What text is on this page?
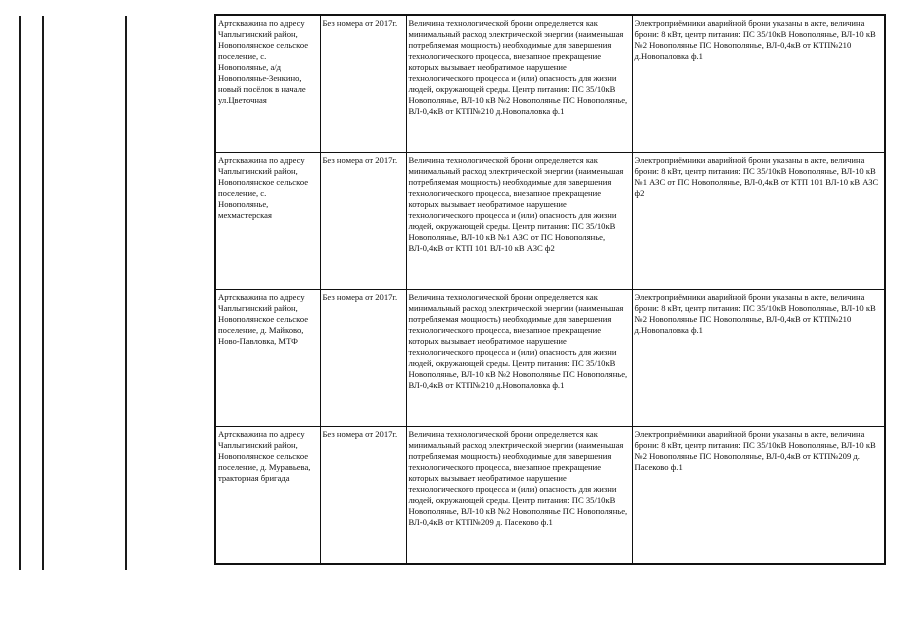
Артскважина по адресу Чаплыгинский район, Новополянское сельское поселение, с. Новополянье, а/д Новополянье-Зенкино, новый посёлок в начале ул.Цветочная	Без номера от 2017г.	Величина технологической брони определяется как минимальный расход электрической энергии (наименьшая потребляемая мощность) необходимые для завершения технологического процесса, внезапное прекращение которых вызывает необратимое нарушение технологического процесса и (или) опасность для жизни людей, окружающей среды. Центр питания: ПС 35/10кВ Новополянье, ВЛ-10 кВ №2 Новополянье ПС Новополянье, ВЛ-0,4кВ от КТП№210 д.Новопаловка ф.1	Электроприёмники аварийной брони указаны в акте, величина брони: 8 кВт, центр питания: ПС 35/10кВ Новополянье, ВЛ-10 кВ №2 Новополянье ПС Новополянье, ВЛ-0,4кВ от КТП№210 д.Новопаловка ф.1
Артскважина по адресу Чаплыгинский район, Новополянское сельское поселение, с. Новополянье, мехмастерская	Без номера от 2017г.	Величина технологической брони определяется как минимальный расход электрической энергии (наименьшая потребляемая мощность) необходимые для завершения технологического процесса, внезапное прекращение которых вызывает необратимое нарушение технологического процесса и (или) опасность для жизни людей, окружающей среды. Центр питания: ПС 35/10кВ Новополянье, ВЛ-10 кВ №1 АЗС от ПС Новополянье, ВЛ-0,4кВ от КТП 101 ВЛ-10 кВ АЗС ф2	Электроприёмники аварийной брони указаны в акте, величина брони: 8 кВт, центр питания: ПС 35/10кВ Новополянье, ВЛ-10 кВ №1 АЗС от ПС Новополянье, ВЛ-0,4кВ от КТП 101 ВЛ-10 кВ АЗС ф2
Артскважина по адресу Чаплыгинский район, Новополянское сельское поселение, д. Майково, Ново-Павловка, МТФ	Без номера от 2017г.	Величина технологической брони определяется как минимальный расход электрической энергии (наименьшая потребляемая мощность) необходимые для завершения технологического процесса, внезапное прекращение которых вызывает необратимое нарушение технологического процесса и (или) опасность для жизни людей, окружающей среды. Центр питания: ПС 35/10кВ Новополянье, ВЛ-10 кВ №2 Новополянье ПС Новополянье, ВЛ-0,4кВ от КТП№210 д.Новопаловка ф.1	Электроприёмники аварийной брони указаны в акте, величина брони: 8 кВт, центр питания: ПС 35/10кВ Новополянье, ВЛ-10 кВ №2 Новополянье ПС Новополянье, ВЛ-0,4кВ от КТП№210 д.Новопаловка ф.1
Артскважина по адресу Чаплыгинский район, Новополянское сельское поселение, д. Муравьева, тракторная бригада	Без номера от 2017г.	Величина технологической брони определяется как минимальный расход электрической энергии (наименьшая потребляемая мощность) необходимые для завершения технологического процесса, внезапное прекращение которых вызывает необратимое нарушение технологического процесса и (или) опасность для жизни людей, окружающей среды. Центр питания: ПС 35/10кВ Новополянье, ВЛ-10 кВ №2 Новополянье ПС Новополянье, ВЛ-0,4кВ от КТП№209 д. Пасеково ф.1	Электроприёмники аварийной брони указаны в акте, величина брони: 8 кВт, центр питания: ПС 35/10кВ Новополянье, ВЛ-10 кВ №2 Новополянье ПС Новополянье, ВЛ-0,4кВ от КТП№209 д. Пасеково ф.1
